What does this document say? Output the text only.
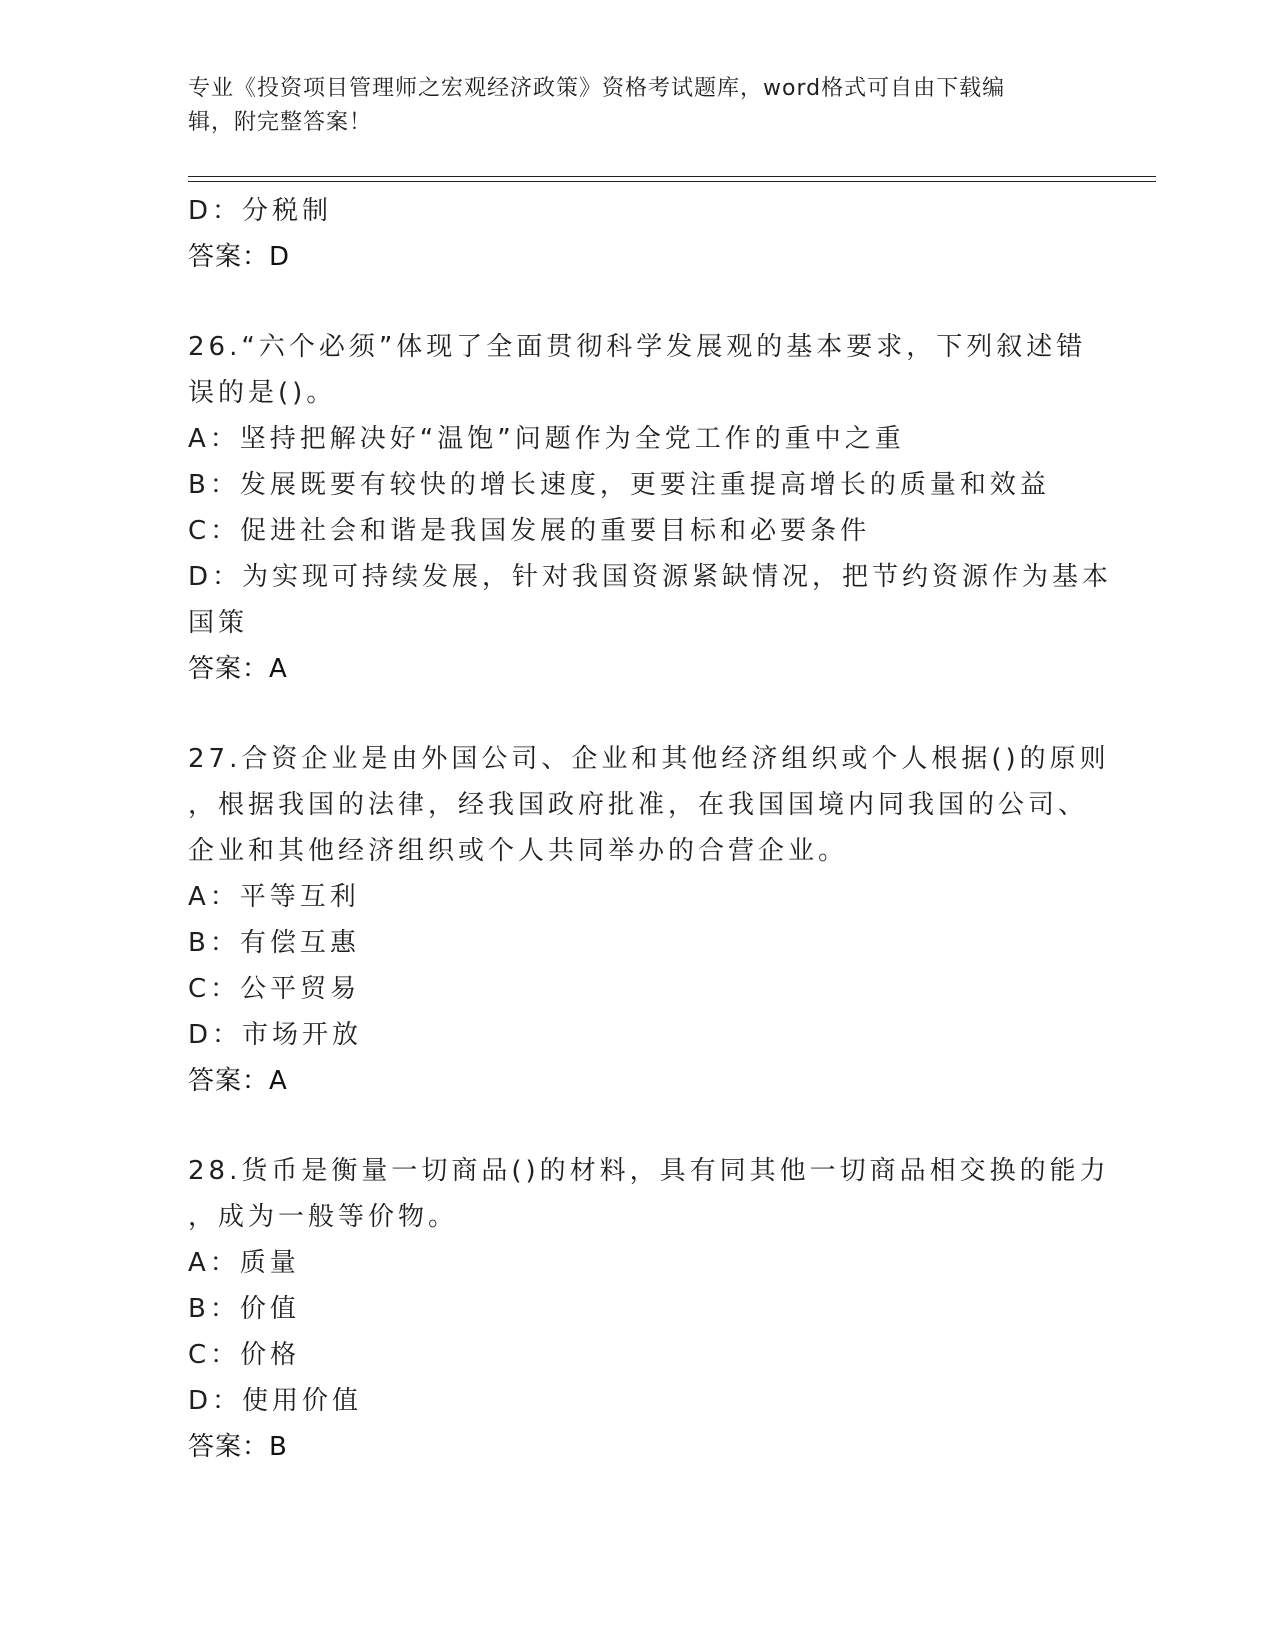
专业《投资项目管理师之宏观经济政策》资格考试题库，word格式可自由下载编
辑，附完整答案！
D：分税制
答案：D
26.“六个必须”体现了全面贯彻科学发展观的基本要求，下列叙述错
误的是()。
A：坚持把解决好“温饱”问题作为全党工作的重中之重
B：发展既要有较快的增长速度，更要注重提高增长的质量和效益
C：促进社会和谐是我国发展的重要目标和必要条件
D：为实现可持续发展，针对我国资源紧缺情况，把节约资源作为基本
国策
答案：A
27.合资企业是由外国公司、企业和其他经济组织或个人根据()的原则
，根据我国的法律，经我国政府批准，在我国国境内同我国的公司、
企业和其他经济组织或个人共同举办的合营企业。
A：平等互利
B：有偿互惠
C：公平贸易
D：市场开放
答案：A
28.货币是衡量一切商品()的材料，具有同其他一切商品相交换的能力
，成为一般等价物。
A：质量
B：价值
C：价格
D：使用价值
答案：B
